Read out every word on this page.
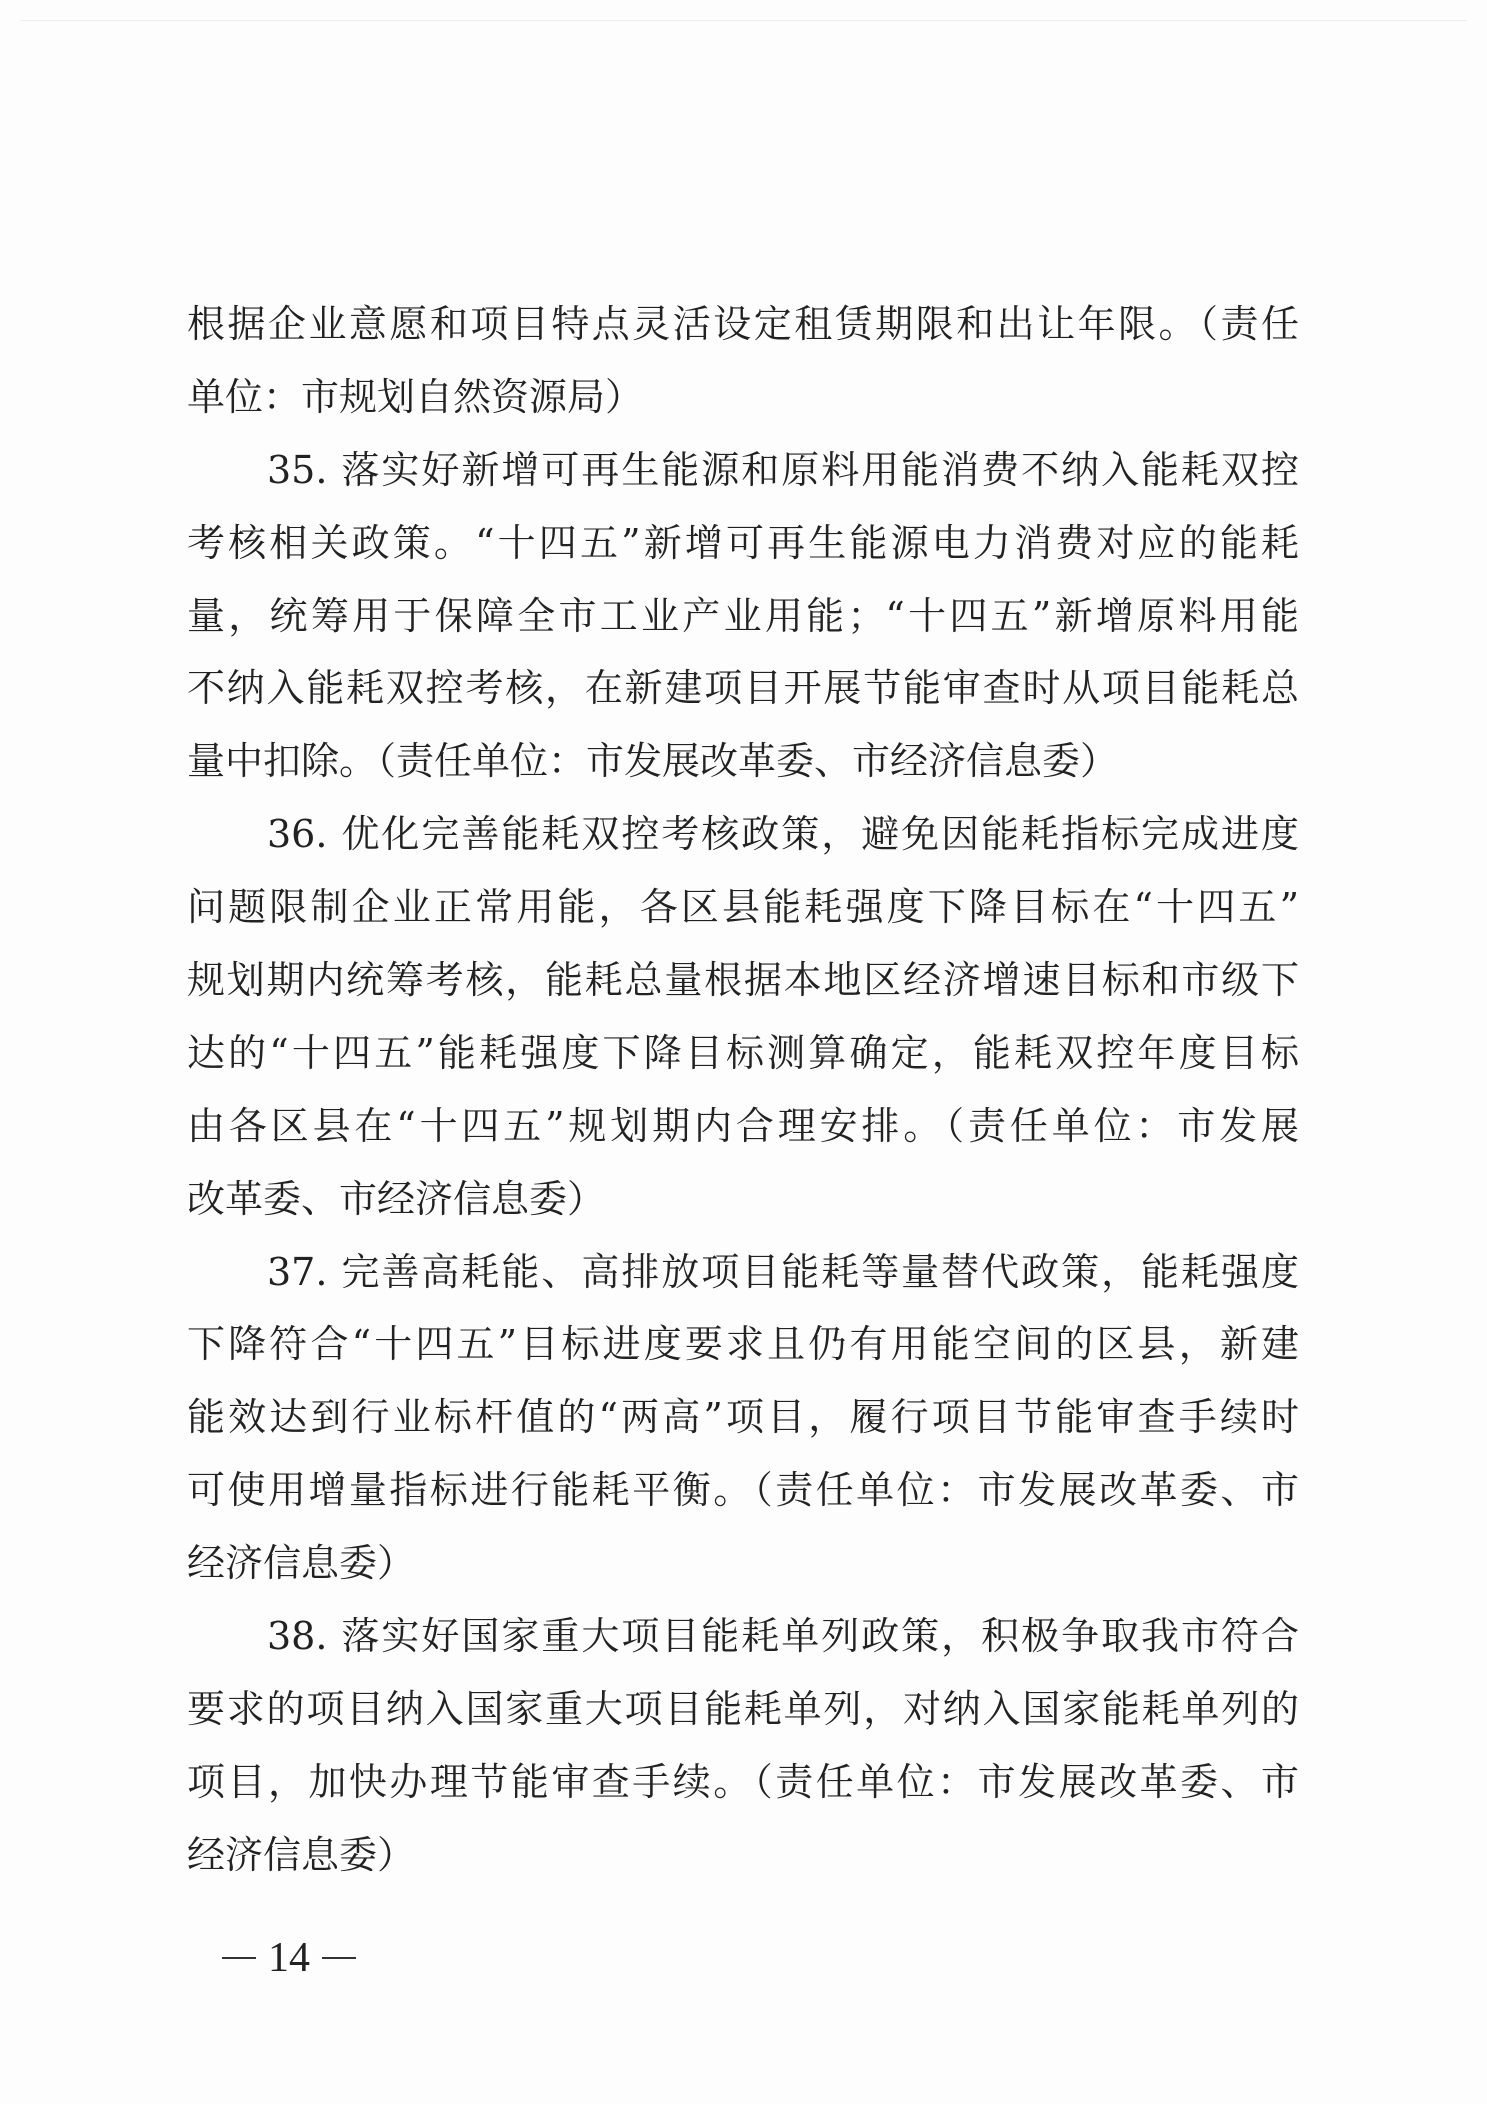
根据企业意愿和项目特点灵活设定租赁期限和出让年限。（责任
单位：市规划自然资源局）
　　35. 落实好新增可再生能源和原料用能消费不纳入能耗双控
考核相关政策。“十四五”新增可再生能源电力消费对应的能耗
量，统筹用于保障全市工业产业用能；“十四五”新增原料用能
不纳入能耗双控考核，在新建项目开展节能审查时从项目能耗总
量中扣除。（责任单位：市发展改革委、市经济信息委）
　　36. 优化完善能耗双控考核政策，避免因能耗指标完成进度
问题限制企业正常用能，各区县能耗强度下降目标在“十四五”
规划期内统筹考核，能耗总量根据本地区经济增速目标和市级下
达的“十四五”能耗强度下降目标测算确定，能耗双控年度目标
由各区县在“十四五”规划期内合理安排。（责任单位：市发展
改革委、市经济信息委）
　　37. 完善高耗能、高排放项目能耗等量替代政策，能耗强度
下降符合“十四五”目标进度要求且仍有用能空间的区县，新建
能效达到行业标杆值的“两高”项目，履行项目节能审查手续时
可使用增量指标进行能耗平衡。（责任单位：市发展改革委、市
经济信息委）
　　38. 落实好国家重大项目能耗单列政策，积极争取我市符合
要求的项目纳入国家重大项目能耗单列，对纳入国家能耗单列的
项目，加快办理节能审查手续。（责任单位：市发展改革委、市
经济信息委）
14
